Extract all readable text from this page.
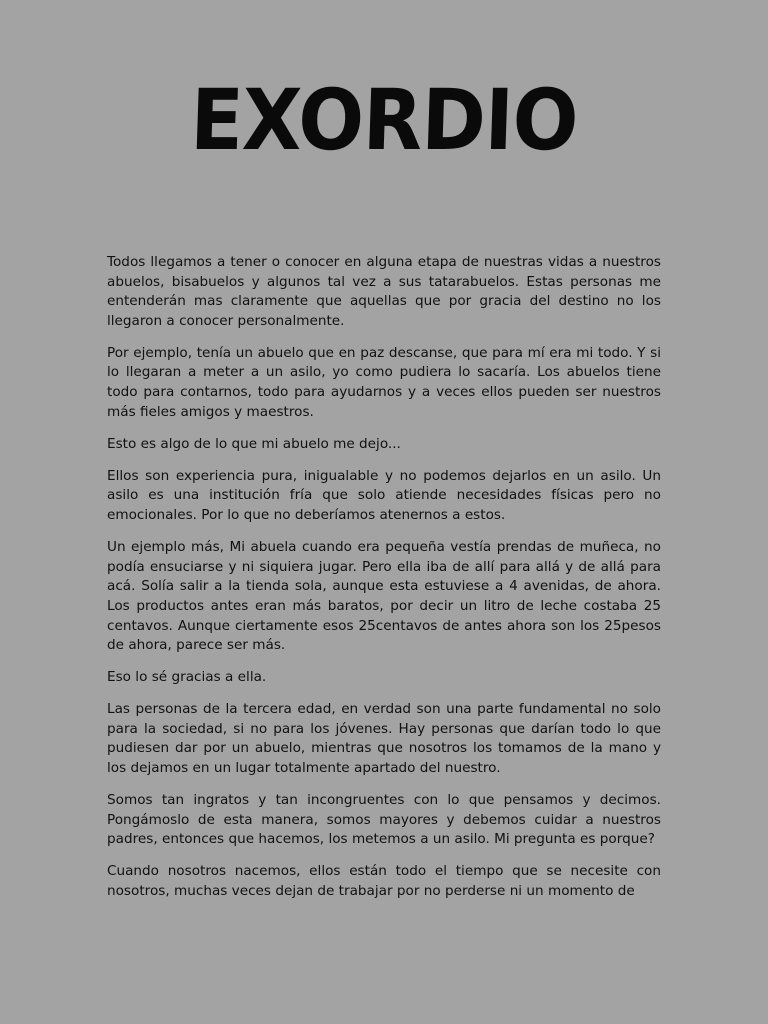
EXORDIO

Todos llegamos a tener o conocer en alguna etapa de nuestras vidas a nuestros abuelos, bisabuelos y algunos tal vez a sus tatarabuelos. Estas personas me entenderán mas claramente que aquellas que por gracia del destino no los llegaron a conocer personalmente.

Por ejemplo, tenía un abuelo que en paz descanse, que para mí era mi todo. Y si lo llegaran a meter a un asilo, yo como pudiera lo sacaría. Los abuelos tiene todo para contarnos, todo para ayudarnos y a veces ellos pueden ser nuestros más fieles amigos y maestros.

Esto es algo de lo que mi abuelo me dejo...

Ellos son experiencia pura, inigualable y no podemos dejarlos en un asilo. Un asilo es una institución fría que solo atiende necesidades físicas pero no emocionales. Por lo que no deberíamos atenernos a estos.

Un ejemplo más, Mi abuela cuando era pequeña vestía prendas de muñeca, no podía ensuciarse y ni siquiera jugar. Pero ella iba de allí para allá y de allá para acá. Solía salir a la tienda sola, aunque esta estuviese a 4 avenidas, de ahora. Los productos antes eran más baratos, por decir un litro de leche costaba 25 centavos. Aunque ciertamente esos 25centavos de antes ahora son los 25pesos de ahora, parece ser más.

Eso lo sé gracias a ella.

Las personas de la tercera edad, en verdad son una parte fundamental no solo para la sociedad, si no para los jóvenes. Hay personas que darían todo lo que pudiesen dar por un abuelo, mientras que nosotros los tomamos de la mano y los dejamos en un lugar totalmente apartado del nuestro.

Somos tan ingratos y tan incongruentes con lo que pensamos y decimos. Pongámoslo de esta manera, somos mayores y debemos cuidar a nuestros padres, entonces que hacemos, los metemos a un asilo. Mi pregunta es porque?

Cuando nosotros nacemos, ellos están todo el tiempo que se necesite con nosotros, muchas veces dejan de trabajar por no perderse ni un momento de
